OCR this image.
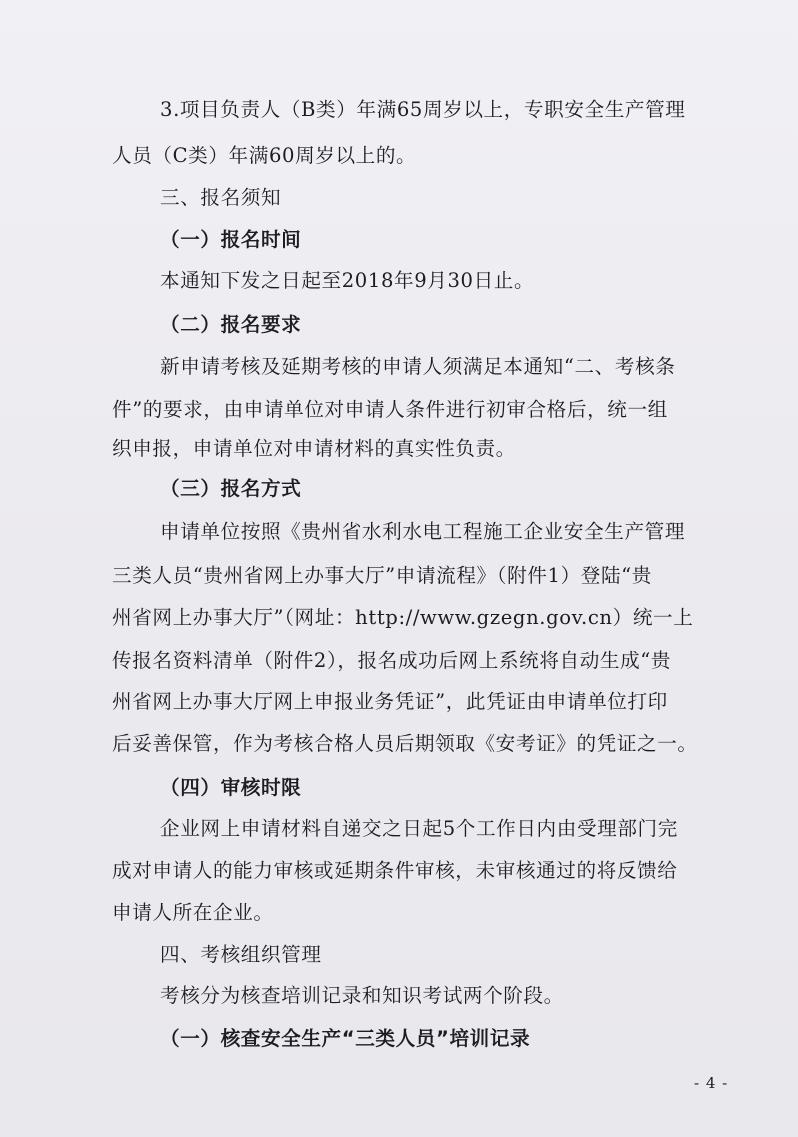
3.项目负责人（B类）年满65周岁以上，专职安全生产管理
人员（C类）年满60周岁以上的。
三、报名须知
（一）报名时间
本通知下发之日起至2018年9月30日止。
（二）报名要求
新申请考核及延期考核的申请人须满足本通知“二、考核条
件”的要求，由申请单位对申请人条件进行初审合格后，统一组
织申报，申请单位对申请材料的真实性负责。
（三）报名方式
申请单位按照《贵州省水利水电工程施工企业安全生产管理
三类人员“贵州省网上办事大厅”申请流程》（附件1）登陆“贵
州省网上办事大厅”（网址：http://www.gzegn.gov.cn）统一上
传报名资料清单（附件2），报名成功后网上系统将自动生成“贵
州省网上办事大厅网上申报业务凭证”，此凭证由申请单位打印
后妥善保管，作为考核合格人员后期领取《安考证》的凭证之一。
（四）审核时限
企业网上申请材料自递交之日起5个工作日内由受理部门完
成对申请人的能力审核或延期条件审核，未审核通过的将反馈给
申请人所在企业。
四、考核组织管理
考核分为核查培训记录和知识考试两个阶段。
（一）核查安全生产“三类人员”培训记录
- 4 -
